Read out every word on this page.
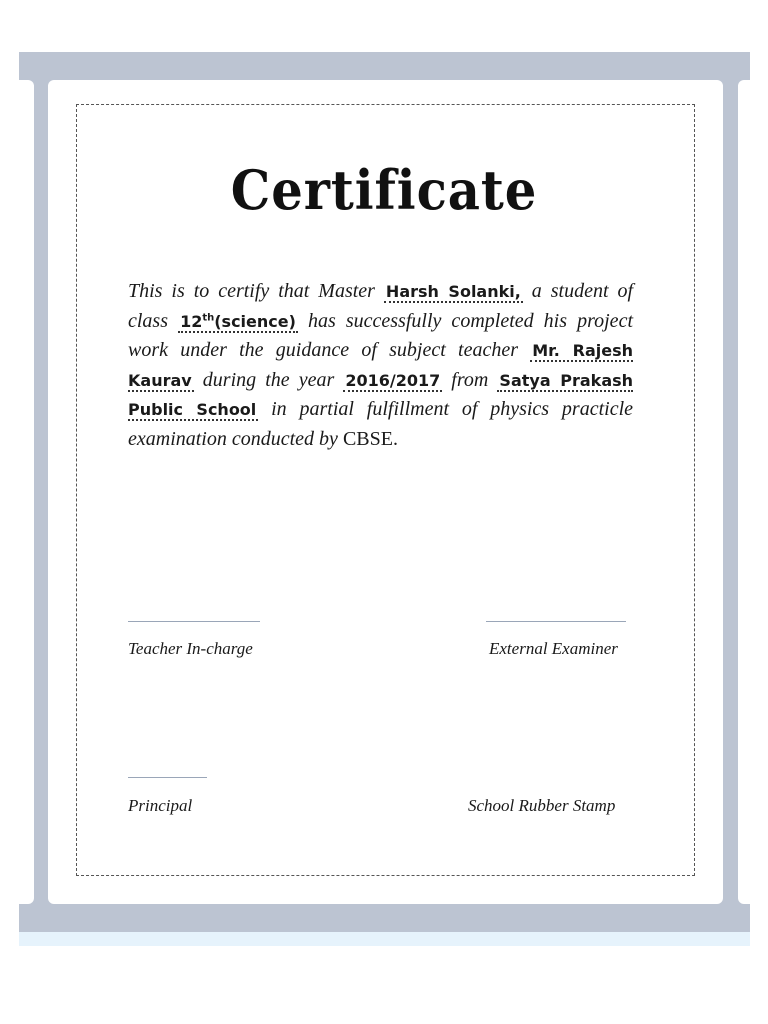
Certificate
This is to certify that Master Harsh Solanki, a student of class 12th(science) has successfully completed his project work under the guidance of subject teacher Mr. Rajesh Kaurav during the year 2016/2017 from Satya Prakash Public School in partial fulfillment of physics practicle examination conducted by CBSE.
Teacher In-charge	External Examiner
Principal	School Rubber Stamp
